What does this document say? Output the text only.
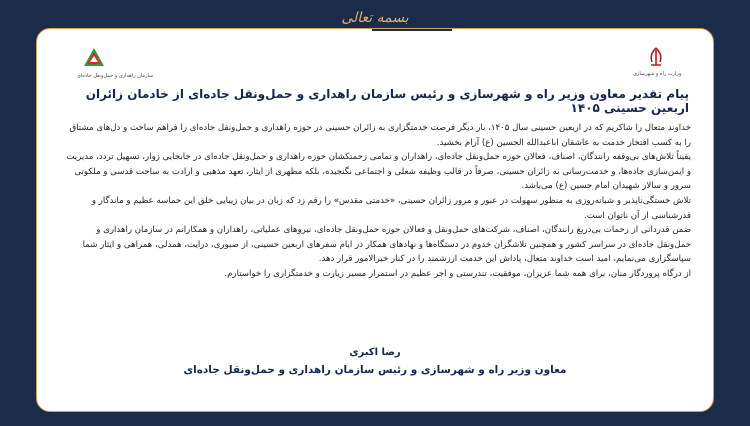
بسمه تعالی
سازمان راهداری و حمل‌ونقل جاده‌ای	وزارت راه و شهرسازی
پیام تقدیر معاون وزیر راه و شهرسازی و رئیس سازمان راهداری و حمل‌ونقل جاده‌ای از خادمان زائران اربعین حسینی ۱۴۰۵

خداوند متعال را شاکریم که در اربعین حسینی سال ۱۴۰۵، بار دیگر فرصت خدمتگزاری به زائران حسینی در حوزه راهداری و حمل‌ونقل جاده‌ای را فراهم ساخت و دل‌های مشتاق را به کسب افتخار خدمت به عاشقان اباعبدالله الحسین (ع) آرام بخشید.

یقیناً تلاش‌های بی‌وقفه رانندگان، اصناف، فعالان حوزه حمل‌ونقل جاده‌ای، راهداران و تمامی زحمتکشان حوزه راهداری و حمل‌ونقل جاده‌ای در جابجایی زوار، تسهیل تردد، مدیریت و ایمن‌سازی جاده‌ها، و خدمت‌رسانی به زائران حسینی، صرفاً در قالب وظیفه شغلی و اجتماعی نگنجیده، بلکه مظهری از ایثار، تعهد مذهبی و ارادت به ساحت قدسی و ملکوتی سرور و سالار شهیدان امام حسین (ع) می‌باشد.

تلاش خستگی‌ناپذیر و شبانه‌روزی به منظور سهولت در عبور و مرور زائران حسینی، «خدمتی مقدس» را رقم زد که زبان در بیان زیبایی خلق این حماسه عظیم و ماندگار و قدرشناسی از آن ناتوان است.

ضمن قدردانی از زحمات بی‌دریغ رانندگان، اصناف، شرکت‌های حمل‌ونقل و فعالان حوزه حمل‌ونقل جاده‌ای، نیروهای عملیاتی، راهداران و همکارانم در سازمان راهداری و حمل‌ونقل جاده‌ای در سراسر کشور و همچنین تلاشگران خدوم در دستگاه‌ها و نهادهای همکار در ایام سفرهای اربعین حسینی، از صبوری، درایت، همدلی، همراهی و ایثار شما سپاسگزاری می‌نمایم، امید است خداوند متعال، پاداش این خدمت ارزشمند را در کنار خیرالامور قرار دهد.

از درگاه پروردگار منان، برای همه شما عزیزان، موفقیت، تندرستی و اجر عظیم در استمرار مسیر زیارت و خدمتگزاری را خواستارم.

رضا اکبری
معاون وزیر راه و شهرسازی و رئیس سازمان راهداری و حمل‌ونقل جاده‌ای
